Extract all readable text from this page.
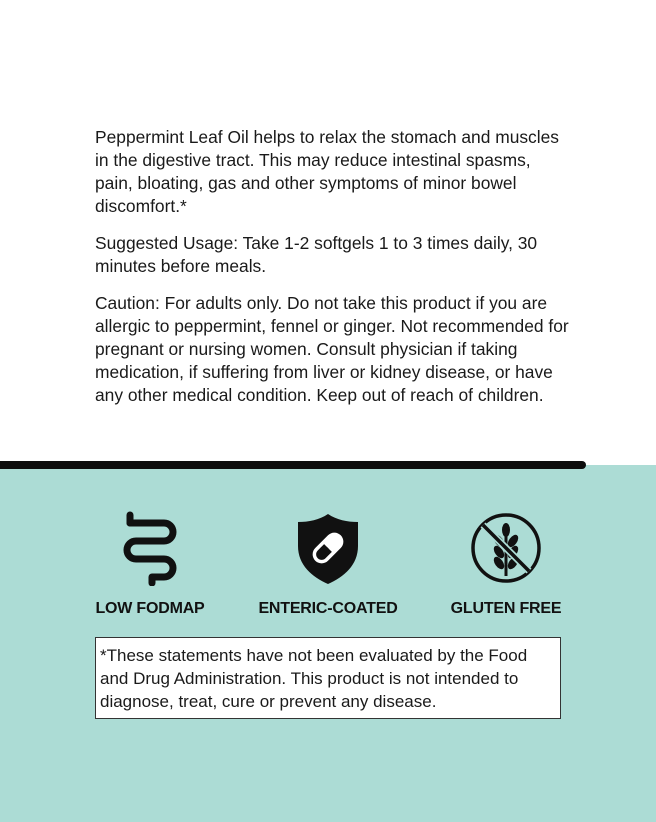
Peppermint Leaf Oil helps to relax the stomach and muscles in the digestive tract. This may reduce intestinal spasms, pain, bloating, gas and other symptoms of minor bowel discomfort.*

Suggested Usage: Take 1-2 softgels 1 to 3 times daily, 30 minutes before meals.

Caution: For adults only. Do not take this product if you are allergic to peppermint, fennel or ginger. Not recommended for pregnant or nursing women. Consult physician if taking medication, if suffering from liver or kidney disease, or have any other medical condition. Keep out of reach of children.

LOW FODMAP	ENTERIC-COATED	GLUTEN FREE
*These statements have not been evaluated by the Food and Drug Administration. This product is not intended to diagnose, treat, cure or prevent any disease.
